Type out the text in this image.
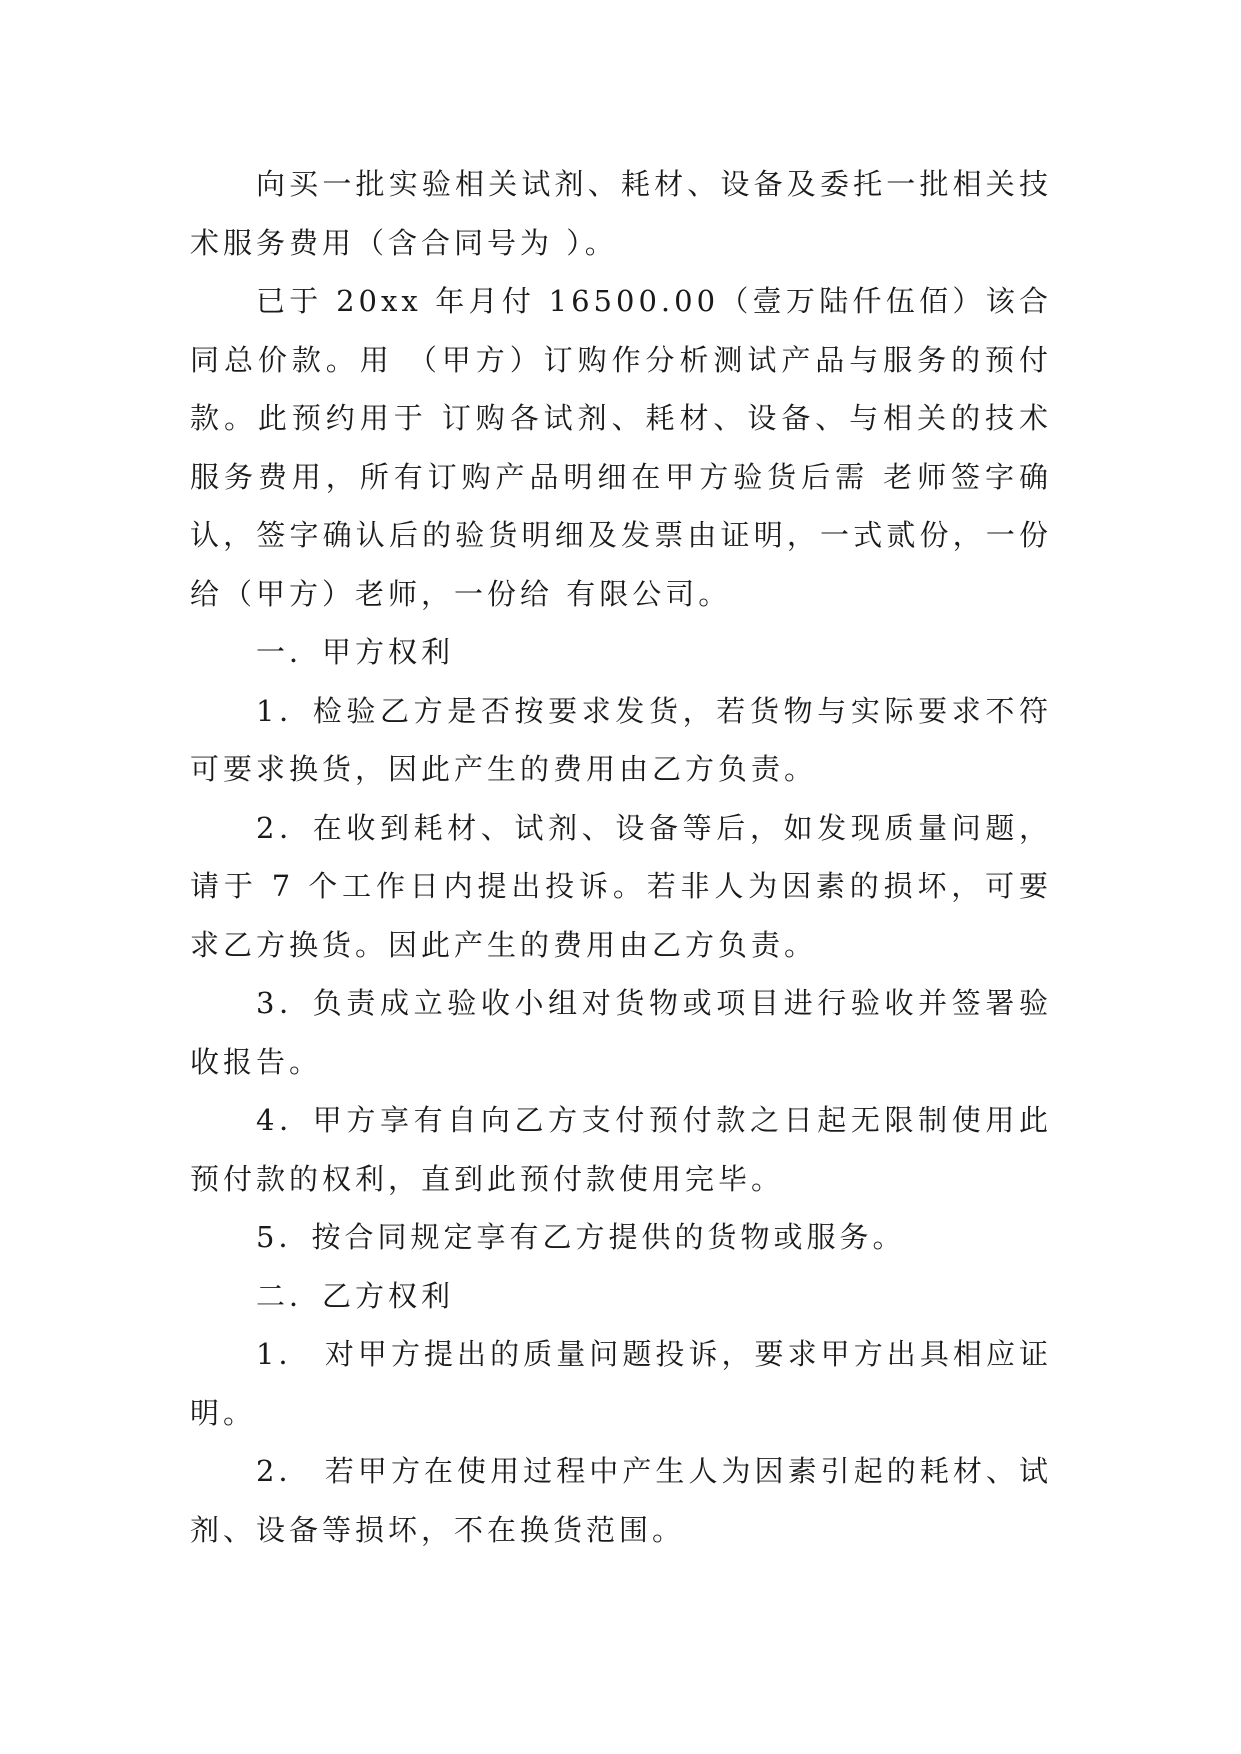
向买一批实验相关试剂、耗材、设备及委托一批相关技术服务费用（含合同号为 ）。

已于 20xx 年月付 16500.00（壹万陆仟伍佰）该合同总价款。用 （甲方）订购作分析测试产品与服务的预付款。此预约用于 订购各试剂、耗材、设备、与相关的技术服务费用，所有订购产品明细在甲方验货后需 老师签字确认，签字确认后的验货明细及发票由证明，一式贰份，一份给（甲方）老师，一份给 有限公司。

一．甲方权利

1．检验乙方是否按要求发货，若货物与实际要求不符可要求换货，因此产生的费用由乙方负责。

2．在收到耗材、试剂、设备等后，如发现质量问题，请于 7 个工作日内提出投诉。若非人为因素的损坏，可要求乙方换货。因此产生的费用由乙方负责。

3．负责成立验收小组对货物或项目进行验收并签署验收报告。

4．甲方享有自向乙方支付预付款之日起无限制使用此预付款的权利，直到此预付款使用完毕。

5．按合同规定享有乙方提供的货物或服务。

二．乙方权利

1． 对甲方提出的质量问题投诉，要求甲方出具相应证明。

2． 若甲方在使用过程中产生人为因素引起的耗材、试剂、设备等损坏，不在换货范围。
